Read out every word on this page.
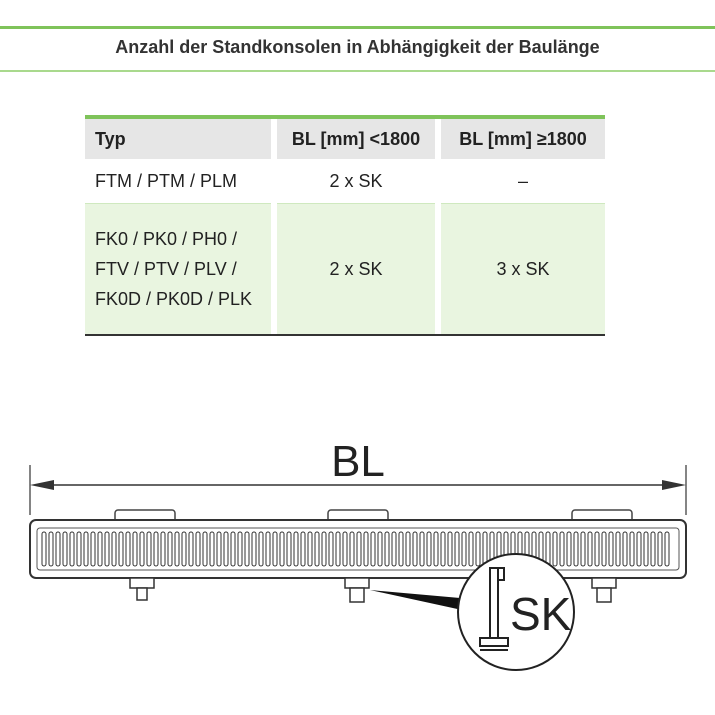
Anzahl der Standkonsolen in Abhängigkeit der Baulänge
Typ		BL [mm] <1800		BL [mm] ≥1800
FTM / PTM / PLM		2 x SK		–

FK0 / PK0 / PH0 /
FTV / PTV / PLV /
FK0D / PK0D / PLK		2 x SK		3 x SK
BL
SK
